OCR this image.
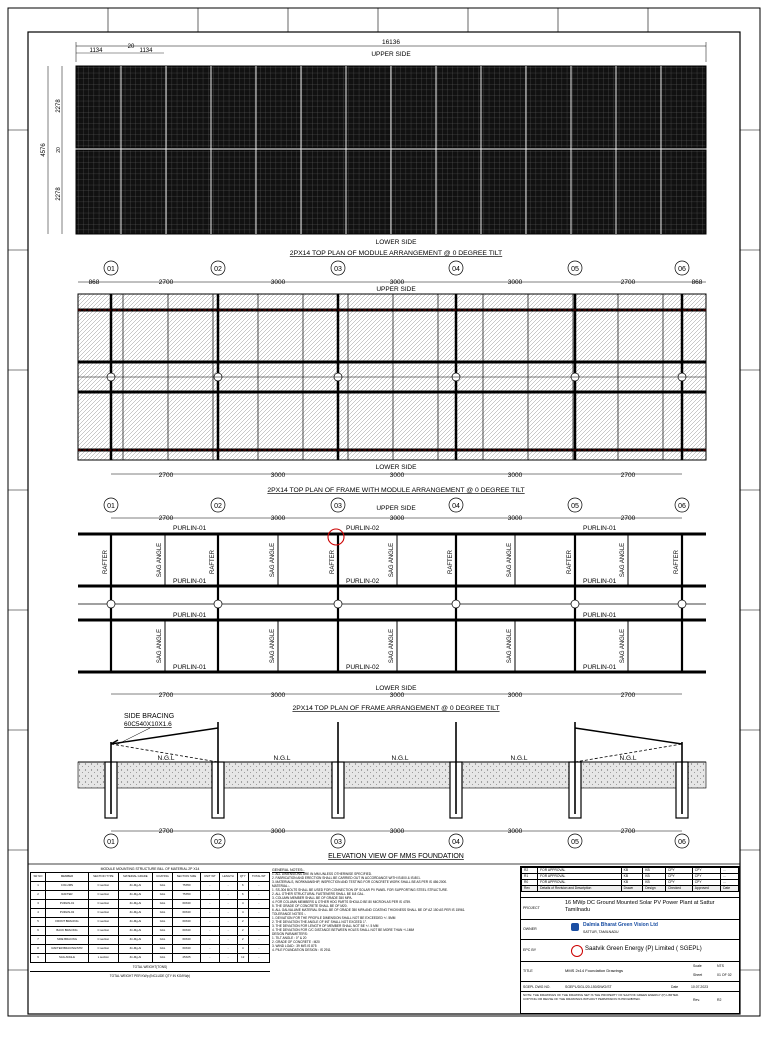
16136
1134
20
1134	UPPER SIDE
4576
2278
20
2278
LOWER SIDE
2PX14 TOP PLAN OF MODULE ARRANGEMENT @ 0 DEGREE TILT
01	02	03	04	05	06
868	2700	3000	3000	3000	2700	868
UPPER SIDE
LOWER SIDE
2700	3000	3000	3000	2700
2PX14 TOP PLAN OF FRAME WITH MODULE ARRANGEMENT @ 0 DEGREE TILT
01	02	03	04	05	06
UPPER SIDE
2700	3000	3000	3000	2700
PURLIN-01	PURLIN-02	PURLIN-01
PURLIN-01	PURLIN-02	PURLIN-01
PURLIN-01	PURLIN-01
PURLIN-01	PURLIN-02	PURLIN-01
RAFTER	RAFTER	RAFTER	RAFTER	RAFTER	RAFTER
SAG ANGLE	SAG ANGLE	SAG ANGLE	SAG ANGLE	SAG ANGLE
SAG ANGLE	SAG ANGLE	SAG ANGLE	SAG ANGLE	SAG ANGLE
LOWER SIDE
2700	3000	3000	3000	2700
2PX14 TOP PLAN OF FRAME ARRANGEMENT @ 0 DEGREE TILT
SIDE BRACING
60C540X10X1.6
N.G.L	N.G.L	N.G.L	N.G.L	N.G.L
01	02	03	04	05	06
2700	3000	3000	3000	2700
ELEVATION VIEW OF MMS FOUNDATION
MODULE MOUNTING STRUCTURE BILL OF MATERIAL 2P X14
SR NO	MEMBER	SECTION TYPE	MATERIAL GRADE	COATING	SECTION SIZE	UNIT WT	LENGTH	QTY	TOTAL WT
1	COLUMN	C section	Zn-Mg-Al	GAL	75X50	...	...	6	...
2	RAFTER	C section	Zn-Mg-Al	GAL	75X50	...	...	6	...
3	PURLIN-01	C section	Zn-Mg-Al	GAL	60X40	...	...	4	...
4	PURLIN-02	C section	Zn-Mg-Al	GAL	60X40	...	...	4	...
5	FRONT BRACING	C section	Zn-Mg-Al	GAL	60X40	...	...	2	...
6	BACK BRACING	C section	Zn-Mg-Al	GAL	60X40	...	...	2	...
7	SIDE BRACING	C section	Zn-Mg-Al	GAL	60X40	...	...	2	...
8	RAFTER BRACING/STR	C section	Zn-Mg-Al	GAL	60X40	...	...	4	...
9	SAG ANGLE	L section	Zn-Mg-Al	GAL	25X25	...	...	12	...
TOTAL WEIGHT(TONS)
TOTAL WEIGHT PER KWp (INCLUDE QTY IN KG/KWp)
GENERAL NOTES:-
1. ALL DIMENSIONS ARE IN MM UNLESS OTHERWISE SPECIFIED.
2. FABRICATION AND ERECTION SHALL BE CARRIED OUT IN ACCORDANCE WITH IS:800 & IS:801.
3. MATERIALS, WORKMANSHIP, INSPECTION AND TESTING FOR CONCRETE WORK SHALL BE AS PER IS 456:2000.
MATERIAL:-
1. SS-304 BOLTS SHALL BE USED FOR CONNECTION OF SOLAR PV PANEL FOR SUPPORTING STEEL STRUCTURE.
2. ALL OTHER STRUCTURAL FASTENERS SHALL BE 8.8 GAL.
3. COLUMN MEMBER SHALL BE OF GRADE 350 MPA.
4. FOR COLUMN MEMBERS & OTHER HDG PARTS SHOULD BE 80 MICRON AS PER IS 4759.
5. THE GRADE OF CONCRETE SHALL BE OF M20.
6. ALL GALVALUME MATERIAL SHALL BE OF GRADE 350 MPA AND COATING THICKNESS SHALL BE OF AZ 150 AS PER IS 15961.
TOLERANCE NOTES :-
1. DEVIATION FOR THE PROFILE DIMENSION SHALL NOT BE EXCEEDED +/- 5MM
2. THE DEVIATION THE ANGLE OF INT SHALL NOT EXCEED 1°.
3. THE DEVIATION FOR LENGTH OF MEMBER SHALL NOT BE +/- 5 MM
4. THE DEVIATION FOR C/C DISTANCE BETWEEN HOLES SHALL NOT BE MORE THAN +/-1MM
DESIGN PARAMETERS:
1. TILT ANGLE : 0° & 20
2. GRADE OF CONCRETE : M20
3. WIND LOAD : 39 M/S IS 875
4. PILE FOUNDATION DESIGN : IS 2911
R2	FOR APPROVAL	KB	KB	CPY	CPY	...
R1	FOR APPROVAL	KB	KB	CPY	CPY	...
R0	FOR APPROVAL	KB	KB	CPY	CPY	...
Rev	Details of Revision and Description	Drawn	Design	Checked	Approved	Date
PROJECT
16 MWp DC Ground Mounted Solar PV Power Plant at Sattur Tamilnadu
OWNER
Dalmia Bharat Green Vision Ltd
SATTUR, TAMILNADU
EPC BY	Saatvik Green Energy (P) Limited ( SGEPL)
TITLE	MMS 2x14 Foundation Drawings
Scale	NTS
Sheet	01 OF 02
SGEPL DWG NO.	SGEPL/DGL/20-150/DWG/ST	Date	10.07.2023
NOTE: THE DRAWINGS OF THE DRAWING SET IS THE PROPERTY OF SAATVIK GREEN ENERGY (P) LIMITED. COPYING OR REUSE OF THE DRAWINGS WITHOUT PERMISSION IS PROHIBITED.	Rev.	R2
